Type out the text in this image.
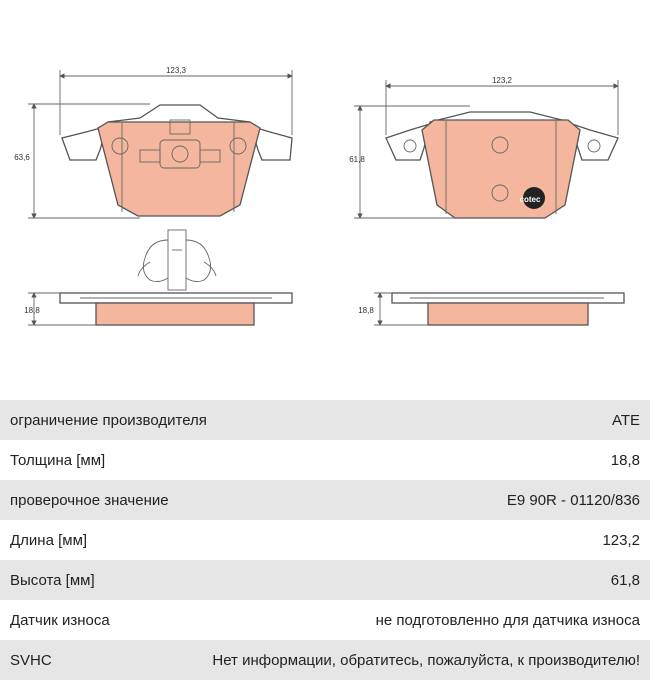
123,3
63,6
18,8
cotec
123,2
61,8
18,8
ограничение производителя	ATE
Толщина [мм]	18,8
проверочное значение	E9 90R - 01120/836
Длина [мм]	123,2
Высота [мм]	61,8
Датчик износа	не подготовленно для датчика износа
SVHC	Нет информации, обратитесь, пожалуйста, к производителю!
